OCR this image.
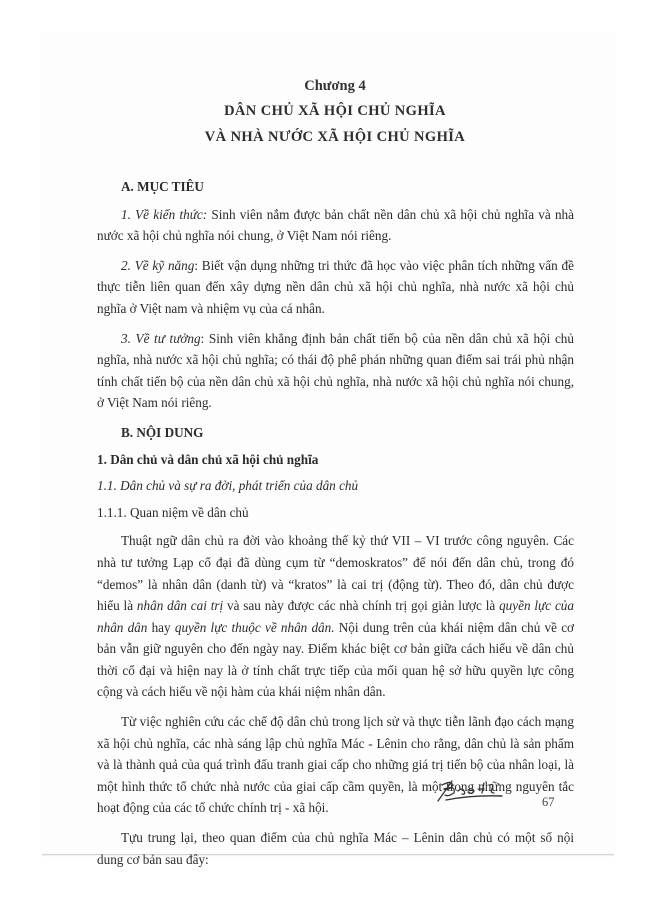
Chương 4
DÂN CHỦ XÃ HỘI CHỦ NGHĨA
VÀ NHÀ NƯỚC XÃ HỘI CHỦ NGHĨA
A. MỤC TIÊU

1. Về kiến thức: Sinh viên nắm được bản chất nền dân chủ xã hội chủ nghĩa và nhà nước xã hội chủ nghĩa nói chung, ở Việt Nam nói riêng.

2. Về kỹ năng: Biết vận dụng những tri thức đã học vào việc phân tích những vấn đề thực tiễn liên quan đến xây dựng nền dân chủ xã hội chủ nghĩa, nhà nước xã hội chủ nghĩa ở Việt nam và nhiệm vụ của cá nhân.

3. Về tư tưởng: Sinh viên khẳng định bản chất tiến bộ của nền dân chủ xã hội chủ nghĩa, nhà nước xã hội chủ nghĩa; có thái độ phê phán những quan điểm sai trái phủ nhận tính chất tiến bộ của nền dân chủ xã hội chủ nghĩa, nhà nước xã hội chủ nghĩa nói chung, ở Việt Nam nói riêng.

B. NỘI DUNG
1. Dân chủ và dân chủ xã hội chủ nghĩa
1.1. Dân chủ và sự ra đời, phát triển của dân chủ
1.1.1. Quan niệm về dân chủ

Thuật ngữ dân chủ ra đời vào khoảng thế kỷ thứ VII – VI trước công nguyên. Các nhà tư tưởng Lạp cổ đại đã dùng cụm từ “demoskratos” để nói đến dân chủ, trong đó “demos” là nhân dân (danh từ) và “kratos” là cai trị (động từ). Theo đó, dân chủ được hiểu là nhân dân cai trị và sau này được các nhà chính trị gọi giản lược là quyền lực của nhân dân hay quyền lực thuộc về nhân dân. Nội dung trên của khái niệm dân chủ về cơ bản vẫn giữ nguyên cho đến ngày nay. Điểm khác biệt cơ bản giữa cách hiểu về dân chủ thời cổ đại và hiện nay là ở tính chất trực tiếp của mối quan hệ sở hữu quyền lực công cộng và cách hiểu về nội hàm của khái niệm nhân dân.

Từ việc nghiên cứu các chế độ dân chủ trong lịch sử và thực tiễn lãnh đạo cách mạng xã hội chủ nghĩa, các nhà sáng lập chủ nghĩa Mác - Lênin cho rằng, dân chủ là sản phẩm và là thành quả của quá trình đấu tranh giai cấp cho những giá trị tiến bộ của nhân loại, là một hình thức tổ chức nhà nước của giai cấp cầm quyền, là một trong những nguyên tắc hoạt động của các tổ chức chính trị - xã hội.

Tựu trung lại, theo quan điểm của chủ nghĩa Mác – Lênin dân chủ có một số nội dung cơ bản sau đây:

67
